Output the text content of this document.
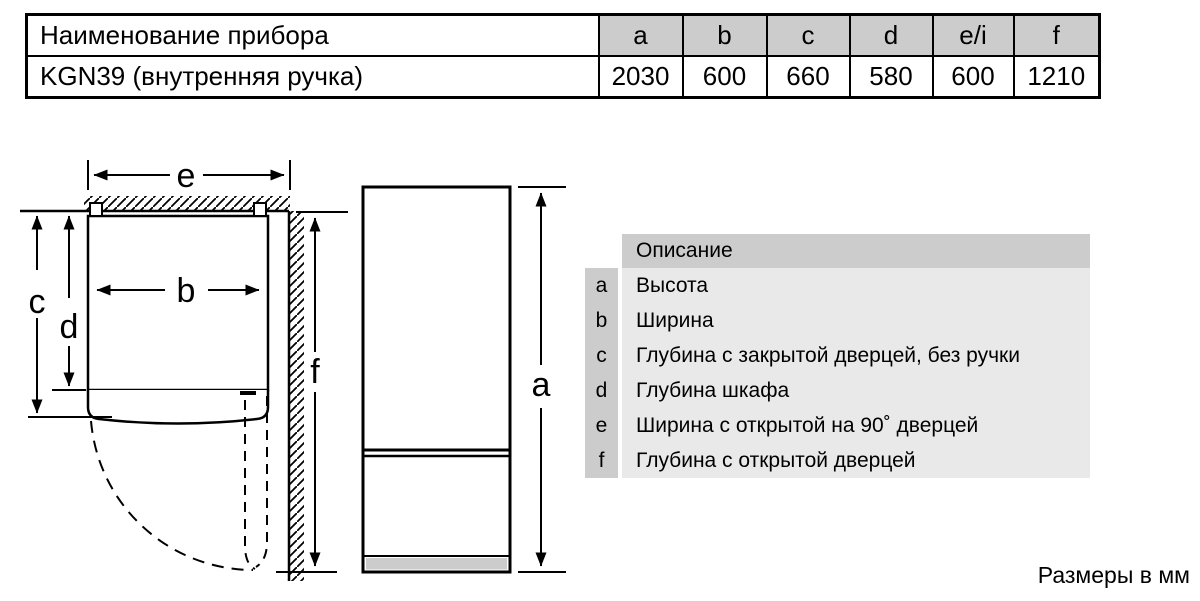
Наименование прибора	a	b	c	d	e/i	f
KGN39 (внутренняя ручка)	2030	600	660	580	600	1210
e
b
c
d
f	a
Описание
a	Высота
b	Ширина
c	Глубина с закрытой дверцей, без ручки
d	Глубина шкафа
e	Ширина с открытой на 90˚ дверцей
f	Глубина с открытой дверцей
Размеры в мм
